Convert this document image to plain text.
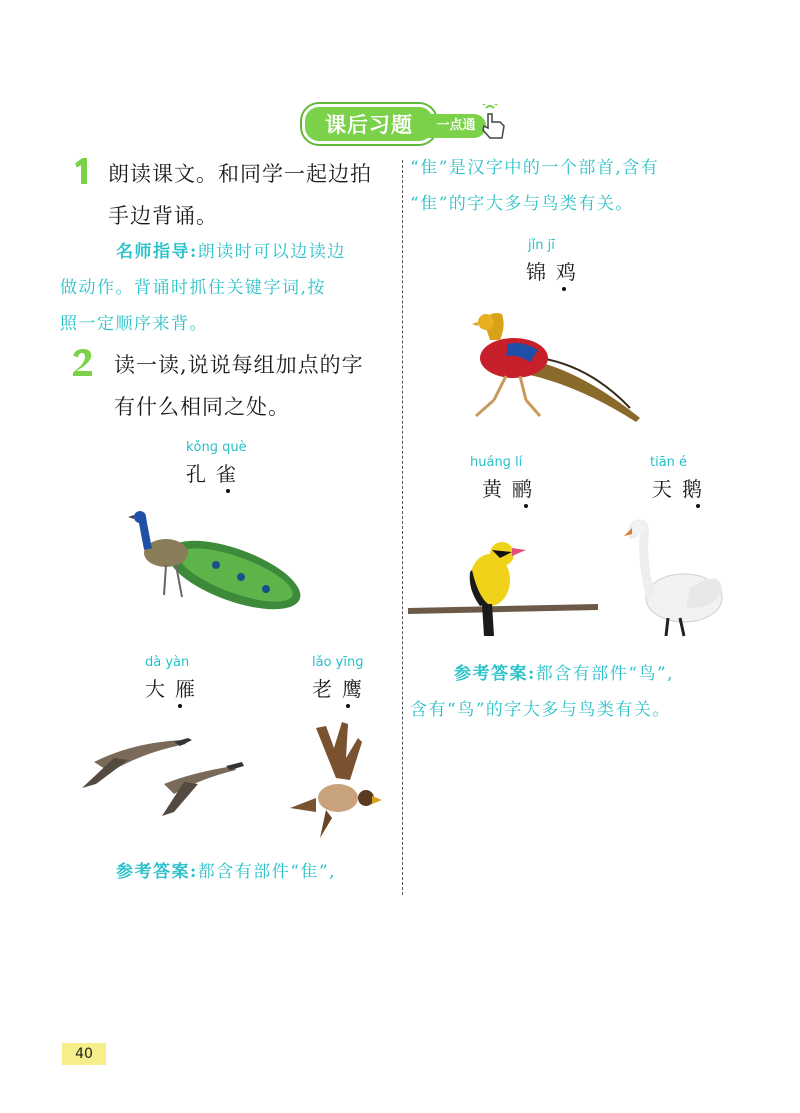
课后习题	一点通
朗读课文。和同学一起边拍
手边背诵。
名师指导:朗读时可以边读边
做动作。背诵时抓住关键字词,按
照一定顺序来背。
读一读,说说每组加点的字
有什么相同之处。
kǒnɡ què
孔雀
dà yàn
大雁
lǎo yīnɡ
老鹰
参考答案:都含有部件“隹”,
“隹”是汉字中的一个部首,含有
“隹”的字大多与鸟类有关。
jǐn jī
锦鸡
huánɡ lí
黄鹂
tiān é
天鹅
参考答案:都含有部件“鸟”,
含有“鸟”的字大多与鸟类有关。
40
